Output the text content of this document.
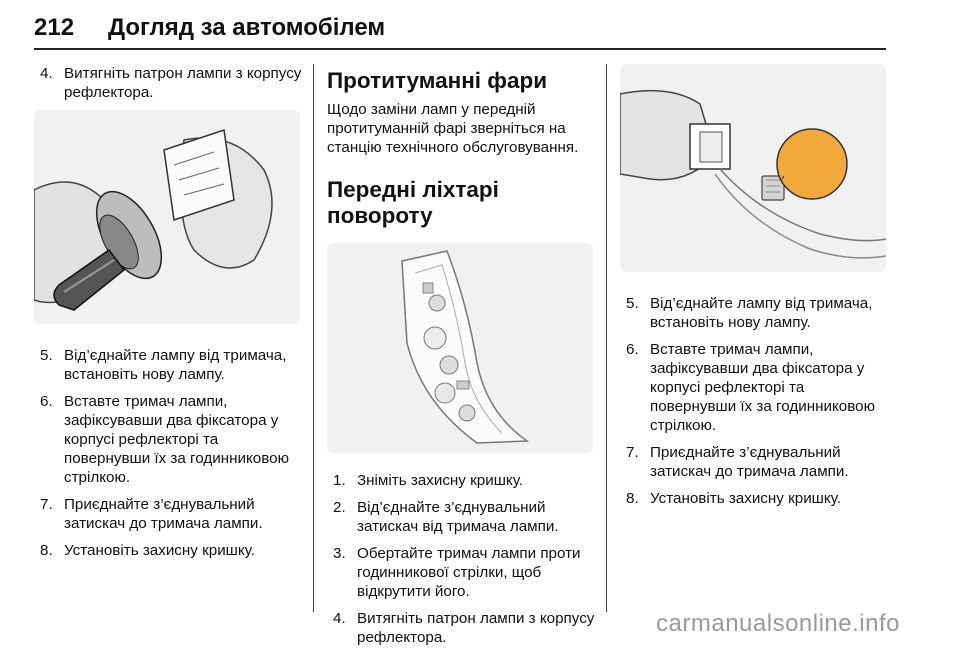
212 Догляд за автомобілем
4. Витягніть патрон лампи з корпусу рефлектора.
5. Від’єднайте лампу від тримача, встановіть нову лампу.
6. Вставте тримач лампи, зафіксувавши два фіксатора у корпусі рефлекторі та повернувши їх за годинниковою стрілкою.
7. Приєднайте з’єднувальний затискач до тримача лампи.
8. Установіть захисну кришку.
Протитуманні фари
Щодо заміни ламп у передній протитуманній фарі зверніться на станцію технічного обслуговування.
Передні ліхтарі повороту
1. Зніміть захисну кришку.
2. Від’єднайте з’єднувальний затискач від тримача лампи.
3. Обертайте тримач лампи проти годинникової стрілки, щоб відкрутити його.
4. Витягніть патрон лампи з корпусу рефлектора.
5. Від’єднайте лампу від тримача, встановіть нову лампу.
6. Вставте тримач лампи, зафіксувавши два фіксатора у корпусі рефлекторі та повернувши їх за годинниковою стрілкою.
7. Приєднайте з’єднувальний затискач до тримача лампи.
8. Установіть захисну кришку.
carmanualsonline.info
